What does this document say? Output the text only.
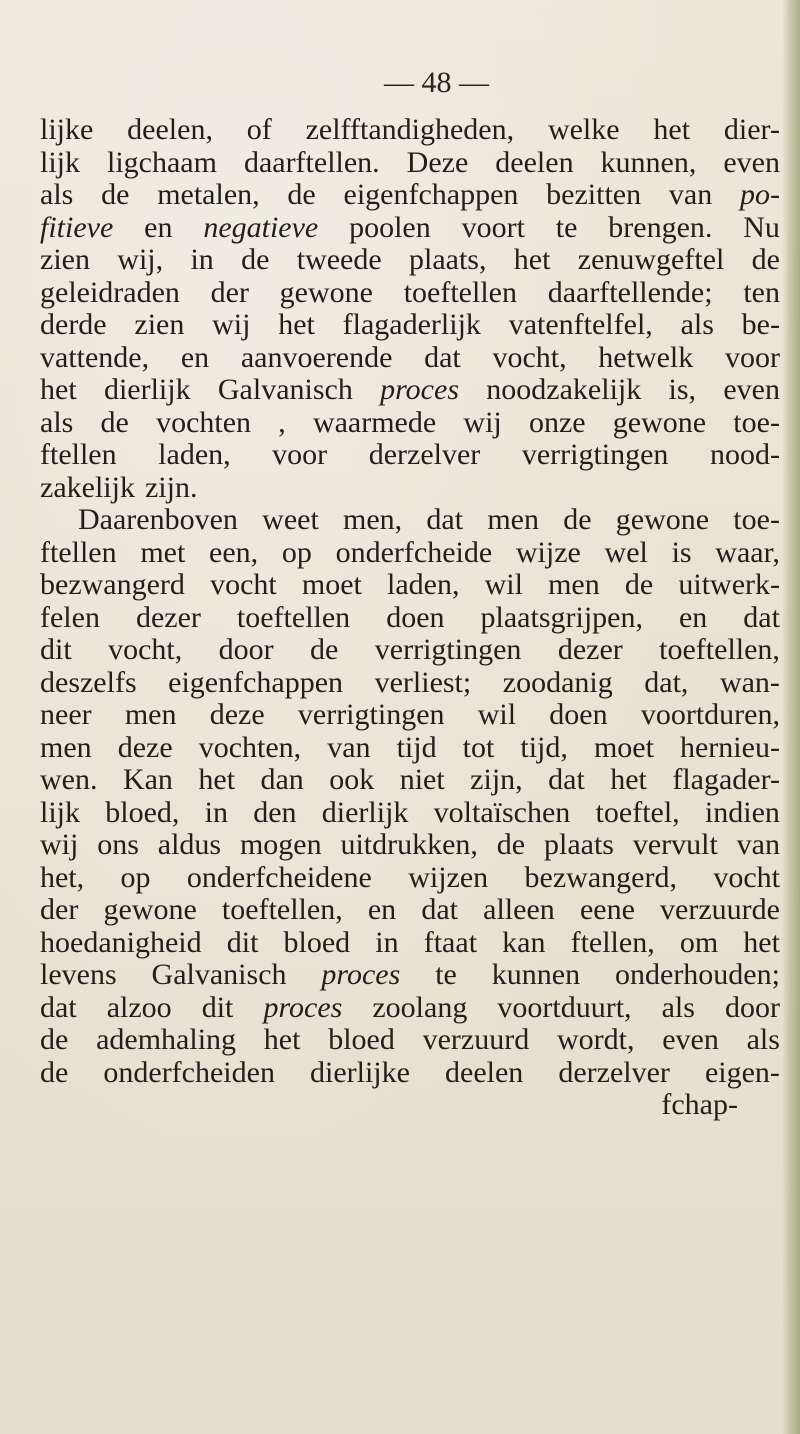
— 48 —
lijke deelen, of zelfftandigheden, welke het dier-
lijk ligchaam daarftellen. Deze deelen kunnen, even
als de metalen, de eigenfchappen bezitten van po-
fitieve en negatieve poolen voort te brengen. Nu
zien wij, in de tweede plaats, het zenuwgeftel de
geleidraden der gewone toeftellen daarftellende; ten
derde zien wij het flagaderlijk vatenftelfel, als be-
vattende, en aanvoerende dat vocht, hetwelk voor
het dierlijk Galvanisch proces noodzakelijk is, even
als de vochten , waarmede wij onze gewone toe-
ftellen laden, voor derzelver verrigtingen nood-
zakelijk zijn.
Daarenboven weet men, dat men de gewone toe-
ftellen met een, op onderfcheide wijze wel is waar,
bezwangerd vocht moet laden, wil men de uitwerk-
felen dezer toeftellen doen plaatsgrijpen, en dat
dit vocht, door de verrigtingen dezer toeftellen,
deszelfs eigenfchappen verliest; zoodanig dat, wan-
neer men deze verrigtingen wil doen voortduren,
men deze vochten, van tijd tot tijd, moet hernieu-
wen. Kan het dan ook niet zijn, dat het flagader-
lijk bloed, in den dierlijk voltaïschen toeftel, indien
wij ons aldus mogen uitdrukken, de plaats vervult van
het, op onderfcheidene wijzen bezwangerd, vocht
der gewone toeftellen, en dat alleen eene verzuurde
hoedanigheid dit bloed in ftaat kan ftellen, om het
levens Galvanisch proces te kunnen onderhouden;
dat alzoo dit proces zoolang voortduurt, als door
de ademhaling het bloed verzuurd wordt, even als
de onderfcheiden dierlijke deelen derzelver eigen-
fchap-
